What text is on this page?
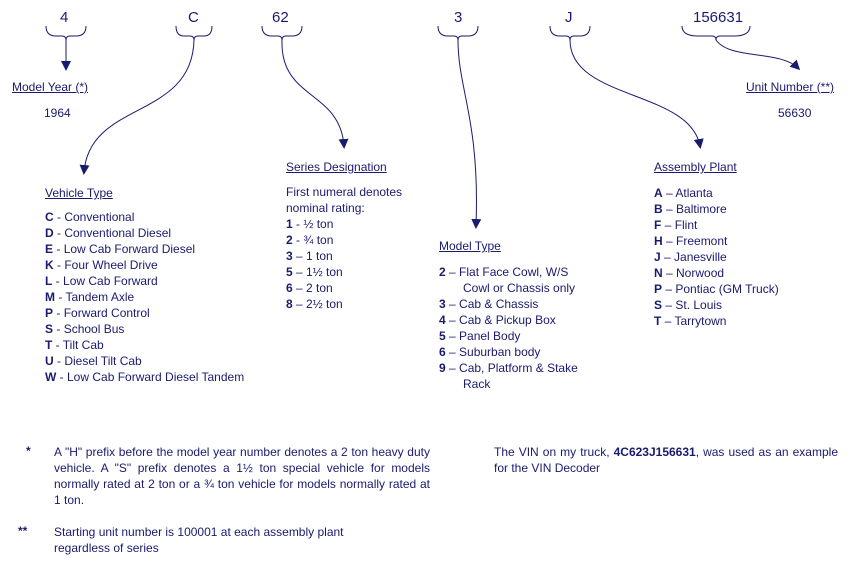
4	C	62	3	J	156631
Model Year (*)
1964
Unit Number (**)
56630
Vehicle Type
C - Conventional
D - Conventional Diesel
E - Low Cab Forward Diesel
K - Four Wheel Drive
L - Low Cab Forward
M - Tandem Axle
P - Forward Control
S - School Bus
T - Tilt Cab
U - Diesel Tilt Cab
W - Low Cab Forward Diesel Tandem
Series Designation
First numeral denotes
nominal rating:
1 - ½ ton
2 - ¾ ton
3 – 1 ton
5 – 1½ ton
6 – 2 ton
8 – 2½ ton
Model Type
2 – Flat Face Cowl, W/S
Cowl or Chassis only
3 – Cab & Chassis
4 – Cab & Pickup Box
5 – Panel Body
6 – Suburban body
9 – Cab, Platform & Stake
Rack
Assembly Plant
A – Atlanta
B – Baltimore
F – Flint
H – Freemont
J – Janesville
N – Norwood
P – Pontiac (GM Truck)
S – St. Louis
T – Tarrytown
* A "H" prefix before the model year number denotes a 2 ton heavy duty vehicle. A "S" prefix denotes a 1½ ton special vehicle for models normally rated at 2 ton or a ¾ ton vehicle for models normally rated at 1 ton.
** Starting unit number is 100001 at each assembly plant regardless of series
The VIN on my truck, 4C623J156631, was used as an example for the VIN Decoder
